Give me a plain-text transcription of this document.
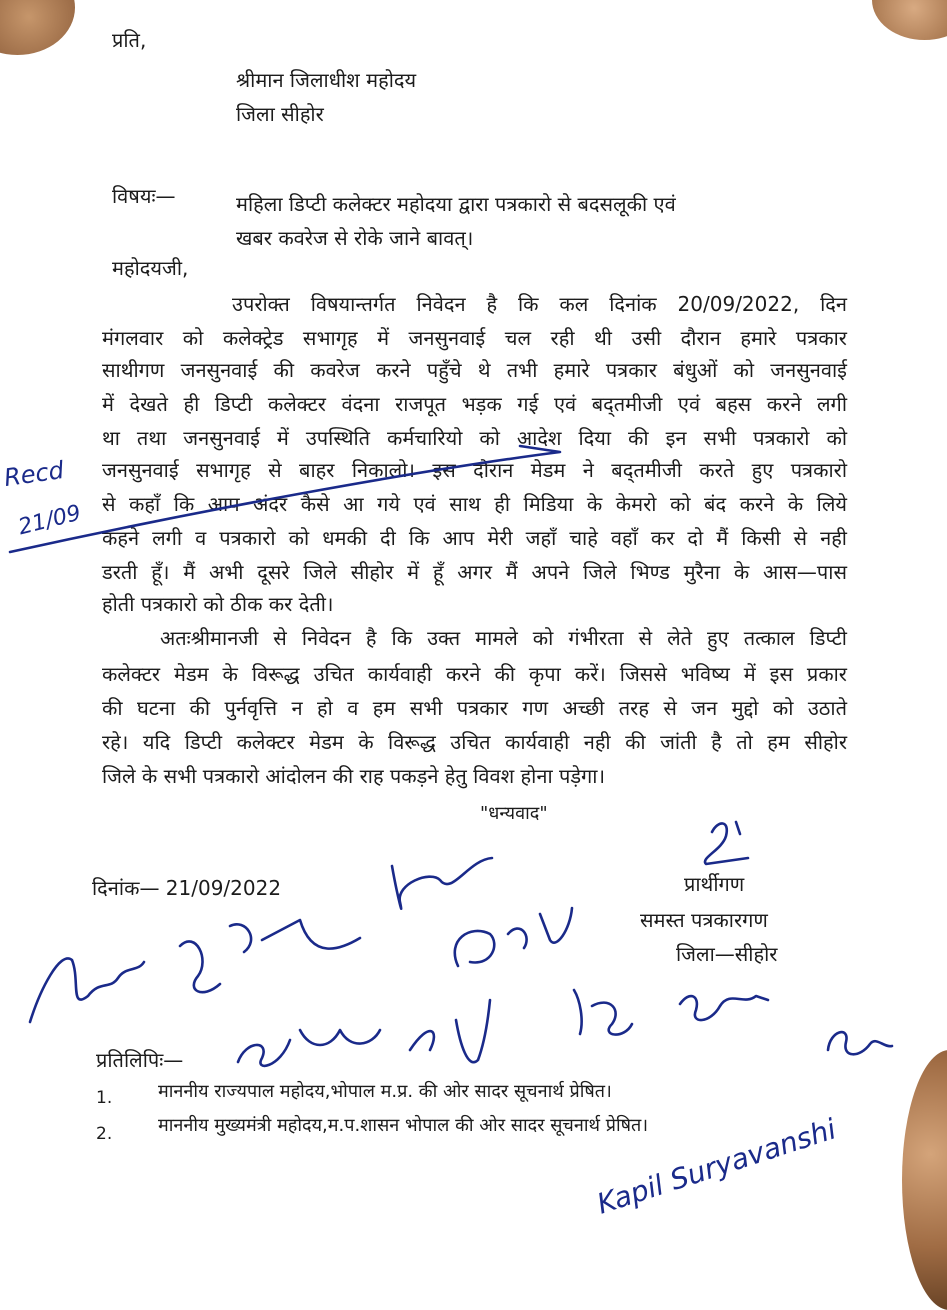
प्रति,
श्रीमान जिलाधीश महोदय
जिला सीहोर
विषयः—	महिला डिप्टी कलेक्टर महोदया द्वारा पत्रकारो से बदसलूकी एवं
खबर कवरेज से रोके जाने बावत्।
महोदयजी,
उपरोक्त विषयान्तर्गत निवेदन है कि कल दिनांक 20/09/2022, दिन
मंगलवार को कलेक्ट्रेड सभागृह में जनसुनवाई चल रही थी उसी दौरान हमारे पत्रकार
साथीगण जनसुनवाई की कवरेज करने पहुँचे थे तभी हमारे पत्रकार बंधुओं को जनसुनवाई
में देखते ही डिप्टी कलेक्टर वंदना राजपूत भड़क गई एवं बद्तमीजी एवं बहस करने लगी
था तथा जनसुनवाई में उपस्थिति कर्मचारियो को आदेश दिया की इन सभी पत्रकारो को
जनसुनवाई सभागृह से बाहर निकालो। इस दौरान मेडम ने बद्तमीजी करते हुए पत्रकारो
से कहाँ कि आप अंदर कैसे आ गये एवं साथ ही मिडिया के केमरो को बंद करने के लिये
कहने लगी व पत्रकारो को धमकी दी कि आप मेरी जहाँ चाहे वहाँ कर दो मैं किसी से नही
डरती हूँ। मैं अभी दूसरे जिले सीहोर में हूँ अगर मैं अपने जिले भिण्ड मुरैना के आस—पास
होती पत्रकारो को ठीक कर देती।
अतःश्रीमानजी से निवेदन है कि उक्त मामले को गंभीरता से लेते हुए तत्काल डिप्टी
कलेक्टर मेडम के विरूद्ध उचित कार्यवाही करने की कृपा करें। जिससे भविष्य में इस प्रकार
की घटना की पुर्नवृत्ति न हो व हम सभी पत्रकार गण अच्छी तरह से जन मुद्दो को उठाते
रहे। यदि डिप्टी कलेक्टर मेडम के विरूद्ध उचित कार्यवाही नही की जांती है तो हम सीहोर
जिले के सभी पत्रकारो आंदोलन की राह पकड़ने हेतु विवश होना पड़ेगा।
"धन्यवाद"
दिनांक— 21/09/2022	प्रार्थीगण
समस्त पत्रकारगण
जिला—सीहोर
प्रतिलिपिः—
1.	माननीय राज्यपाल महोदय,भोपाल म.प्र. की ओर सादर सूचनार्थ प्रेषित।
2.	माननीय मुख्यमंत्री महोदय,म.प.शासन भोपाल की ओर सादर सूचनार्थ प्रेषित।
Recd
21/09
Kapil Suryavanshi
